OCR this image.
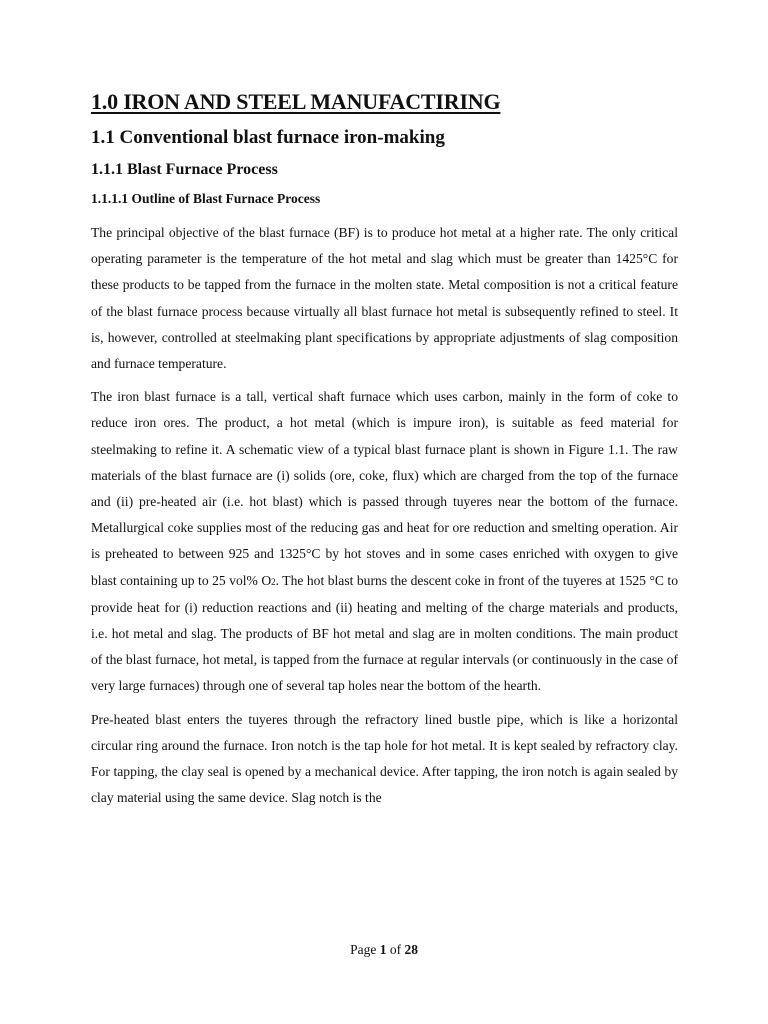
1.0 IRON AND STEEL MANUFACTIRING
1.1 Conventional blast furnace iron-making
1.1.1 Blast Furnace Process
1.1.1.1 Outline of Blast Furnace Process

The principal objective of the blast furnace (BF) is to produce hot metal at a higher rate. The only critical operating parameter is the temperature of the hot metal and slag which must be greater than 1425°C for these products to be tapped from the furnace in the molten state. Metal composition is not a critical feature of the blast furnace process because virtually all blast furnace hot metal is subsequently refined to steel. It is, however, controlled at steelmaking plant specifications by appropriate adjustments of slag composition and furnace temperature.

The iron blast furnace is a tall, vertical shaft furnace which uses carbon, mainly in the form of coke to reduce iron ores. The product, a hot metal (which is impure iron), is suitable as feed material for steelmaking to refine it. A schematic view of a typical blast furnace plant is shown in Figure 1.1. The raw materials of the blast furnace are (i) solids (ore, coke, flux) which are charged from the top of the furnace and (ii) pre-heated air (i.e. hot blast) which is passed through tuyeres near the bottom of the furnace. Metallurgical coke supplies most of the reducing gas and heat for ore reduction and smelting operation. Air is preheated to between 925 and 1325°C by hot stoves and in some cases enriched with oxygen to give blast containing up to 25 vol% O2. The hot blast burns the descent coke in front of the tuyeres at 1525 °C to provide heat for (i) reduction reactions and (ii) heating and melting of the charge materials and products, i.e. hot metal and slag. The products of BF hot metal and slag are in molten conditions. The main product of the blast furnace, hot metal, is tapped from the furnace at regular intervals (or continuously in the case of very large furnaces) through one of several tap holes near the bottom of the hearth.

Pre-heated blast enters the tuyeres through the refractory lined bustle pipe, which is like a horizontal circular ring around the furnace. Iron notch is the tap hole for hot metal. It is kept sealed by refractory clay. For tapping, the clay seal is opened by a mechanical device. After tapping, the iron notch is again sealed by clay material using the same device. Slag notch is the

Page 1 of 28
